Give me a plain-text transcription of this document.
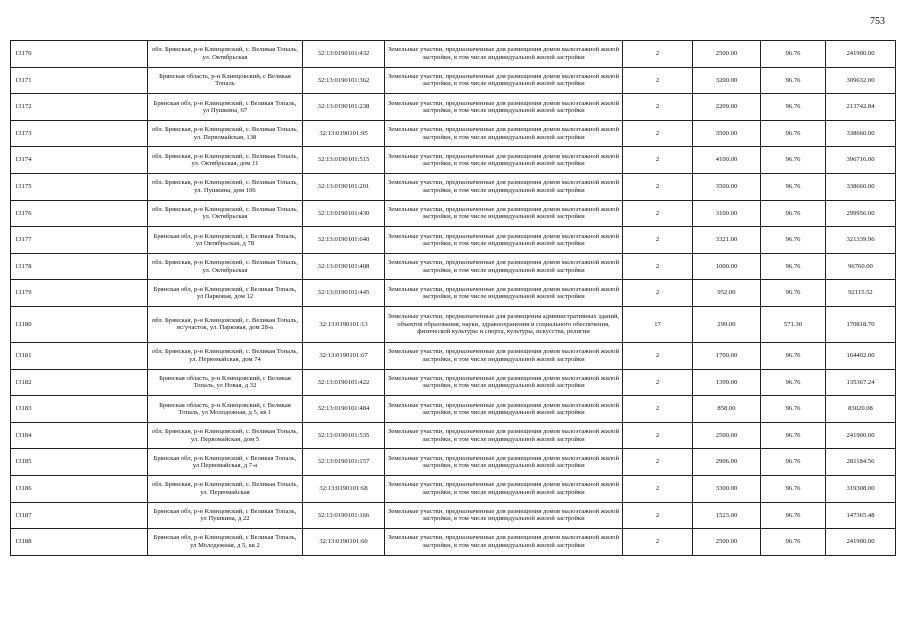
753
13170	обл. Брянская, р-н Клинцовский, с. Великая Топаль, ул. Октябрьская	32:13:0190101:432	Земельные участки, предназначенные для размещения домов малоэтажной жилой застройки, в том числе индивидуальной жилой застройки	2	2500.00	96.76	241900.00
13171	Брянская область, р-н Клинцовский, с Великая Топаль	32:13:0190101:362	Земельные участки, предназначенные для размещения домов малоэтажной жилой застройки, в том числе индивидуальной жилой застройки	2	3200.00	96.76	309632.00
13172	Брянская обл, р-н Клинцовский, с Великая Топаль, ул Пушкина, 67	32:13:0190101:238	Земельные участки, предназначенные для размещения домов малоэтажной жилой застройки, в том числе индивидуальной жилой застройки	2	2209.00	96.76	213742.84
13173	обл. Брянская, р-н Клинцовский, с. Великая Топаль, ул. Первомайская, 138	32:13:0190101:95	Земельные участки, предназначенные для размещения домов малоэтажной жилой застройки, в том числе индивидуальной жилой застройки	2	3500.00	96.76	338660.00
13174	обл. Брянская, р-н Клинцовский, с. Великая Топаль, ул. Октябрьская, дом 11	32:13:0190101:515	Земельные участки, предназначенные для размещения домов малоэтажной жилой застройки, в том числе индивидуальной жилой застройки	2	4100.00	96.76	396716.00
13175	обл. Брянская, р-н Клинцовский, с. Великая Топаль, ул. Пушкина, дом 106	32:13:0190101:201	Земельные участки, предназначенные для размещения домов малоэтажной жилой застройки, в том числе индивидуальной жилой застройки	2	3500.00	96.76	338660.00
13176	обл. Брянская, р-н Клинцовский, с. Великая Топаль, ул. Октябрьская	32:13:0190101:430	Земельные участки, предназначенные для размещения домов малоэтажной жилой застройки, в том числе индивидуальной жилой застройки	2	3100.00	96.76	299956.00
13177	Брянская обл, р-н Клинцовский, с Великая Топаль, ул Октябрьская, д 78	32:13:0190101:640	Земельные участки, предназначенные для размещения домов малоэтажной жилой застройки, в том числе индивидуальной жилой застройки	2	3321.00	96.76	321339.96
13178	обл. Брянская, р-н Клинцовский, с. Великая Топаль, ул. Октябрьская	32:13:0190101:408	Земельные участки, предназначенные для размещения домов малоэтажной жилой застройки, в том числе индивидуальной жилой застройки	2	1000.00	96.76	96760.00
13179	Брянская обл, р-н Клинцовский, с Великая Топаль, ул Парковая, дом 12	32:13:0190101:445	Земельные участки, предназначенные для размещения домов малоэтажной жилой застройки, в том числе индивидуальной жилой застройки	2	952.00	96.76	92115.52
13180	обл. Брянская, р-н Клинцовский, с. Великая Топаль, вс/участок, ул. Парковая, дом 28-а	32:13:0190101:13	Земельные участки, предназначенные для размещения административных зданий, объектов образования, науки, здравоохранения и социального обеспечения, физической культуры и спорта, культуры, искусства, религии	17	299.00	571.30	170818.70
13181	обл. Брянская, р-н Клинцовский, с. Великая Топаль, ул. Первомайская, дом 74	32:13:0190101:67	Земельные участки, предназначенные для размещения домов малоэтажной жилой застройки, в том числе индивидуальной жилой застройки	2	1700.00	96.76	164492.00
13182	Брянская область, р-н Клинцовский, с Великая Топаль, ул Новая, д 32	32:13:0190101:422	Земельные участки, предназначенные для размещения домов малоэтажной жилой застройки, в том числе индивидуальной жилой застройки	2	1399.00	96.76	135367.24
13183	Брянская область, р-н Клинцовский, с Великая Топаль, ул Молодежная, д 5, кв 1	32:13:0190101:484	Земельные участки, предназначенные для размещения домов малоэтажной жилой застройки, в том числе индивидуальной жилой застройки	2	858.00	96.76	83020.08
13184	обл. Брянская, р-н Клинцовский, с. Великая Топаль, ул. Первомайская, дом 5	32:13:0190101:535	Земельные участки, предназначенные для размещения домов малоэтажной жилой застройки, в том числе индивидуальной жилой застройки	2	2500.00	96.76	241900.00
13185	Брянская обл, р-н Клинцовский, с Великая Топаль, ул Первомайская, д 7-а	32:13:0190101:157	Земельные участки, предназначенные для размещения домов малоэтажной жилой застройки, в том числе индивидуальной жилой застройки	2	2906.00	96.76	281184.56
13186	обл. Брянская, р-н Клинцовский, с. Великая Топаль, ул. Первомайская	32:13:0190101:68	Земельные участки, предназначенные для размещения домов малоэтажной жилой застройки, в том числе индивидуальной жилой застройки	2	3300.00	96.76	319308.00
13187	Брянская обл, р-н Клинцовский, с Великая Топаль, ул Пушкина, д 22	32:13:0190101:166	Земельные участки, предназначенные для размещения домов малоэтажной жилой застройки, в том числе индивидуальной жилой застройки	2	1523.00	96.76	147365.48
13188	Брянская обл, р-н Клинцовский, с Великая Топаль, ул Молодежная, д 5, кв 2	32:13:0190101:60	Земельные участки, предназначенные для размещения домов малоэтажной жилой застройки, в том числе индивидуальной жилой застройки	2	2500.00	96.76	241900.00
